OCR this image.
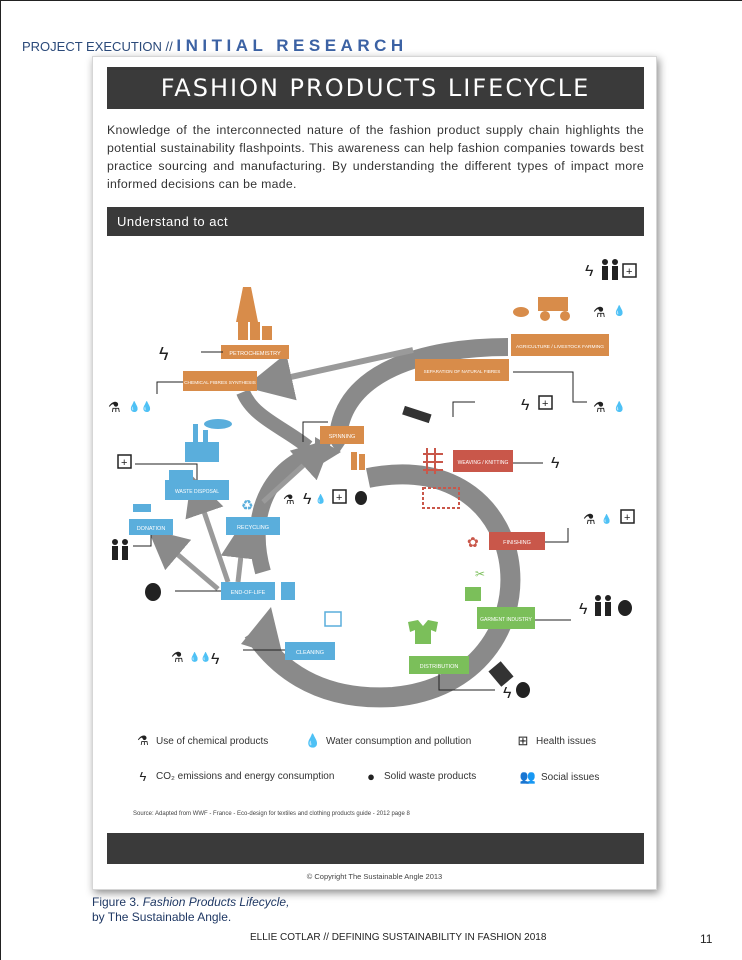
PROJECT EXECUTION // INITIAL RESEARCH
FASHION PRODUCTS LIFECYCLE
Knowledge of the interconnected nature of the fashion product supply chain highlights the potential sustainability flashpoints. This awareness can help fashion companies towards best practice sourcing and manufacturing. By understanding the different types of impact more informed decisions can be made.
Understand to act
PETROCHEMISTRY
CHEMICAL FIBRES SYNTHESIS
AGRICULTURE / LIVESTOCK FARMING
SEPARATION OF NATURAL FIBRES
SPINNING
WEAVING / KNITTING
FINISHING
GARMENT INDUSTRY
DISTRIBUTION
CLEANING
END-OF-LIFE
RECYCLING
DONATION
WASTE DISPOSAL
♻
✿
✂
ϟ	+
⚗ 💧
ϟ
⚗ 💧💧	ϟ +	⚗ 💧
⚗ ϟ 💧 +
ϟ
⚗ 💧 +
ϟ
ϟ
⚗ 💧💧 ϟ
+
⚗ Use of chemical products	💧 Water consumption and pollution	⊞ Health issues
ϟ CO₂ emissions and energy consumption	● Solid waste products	👥 Social issues
Source: Adapted from WWF - France - Eco-design for textiles and clothing products guide - 2012 page 8
© Copyright The Sustainable Angle 2013
Figure 3. Fashion Products Lifecycle,
by The Sustainable Angle.
ELLIE COTLAR // DEFINING SUSTAINABILITY IN FASHION 2018	11
